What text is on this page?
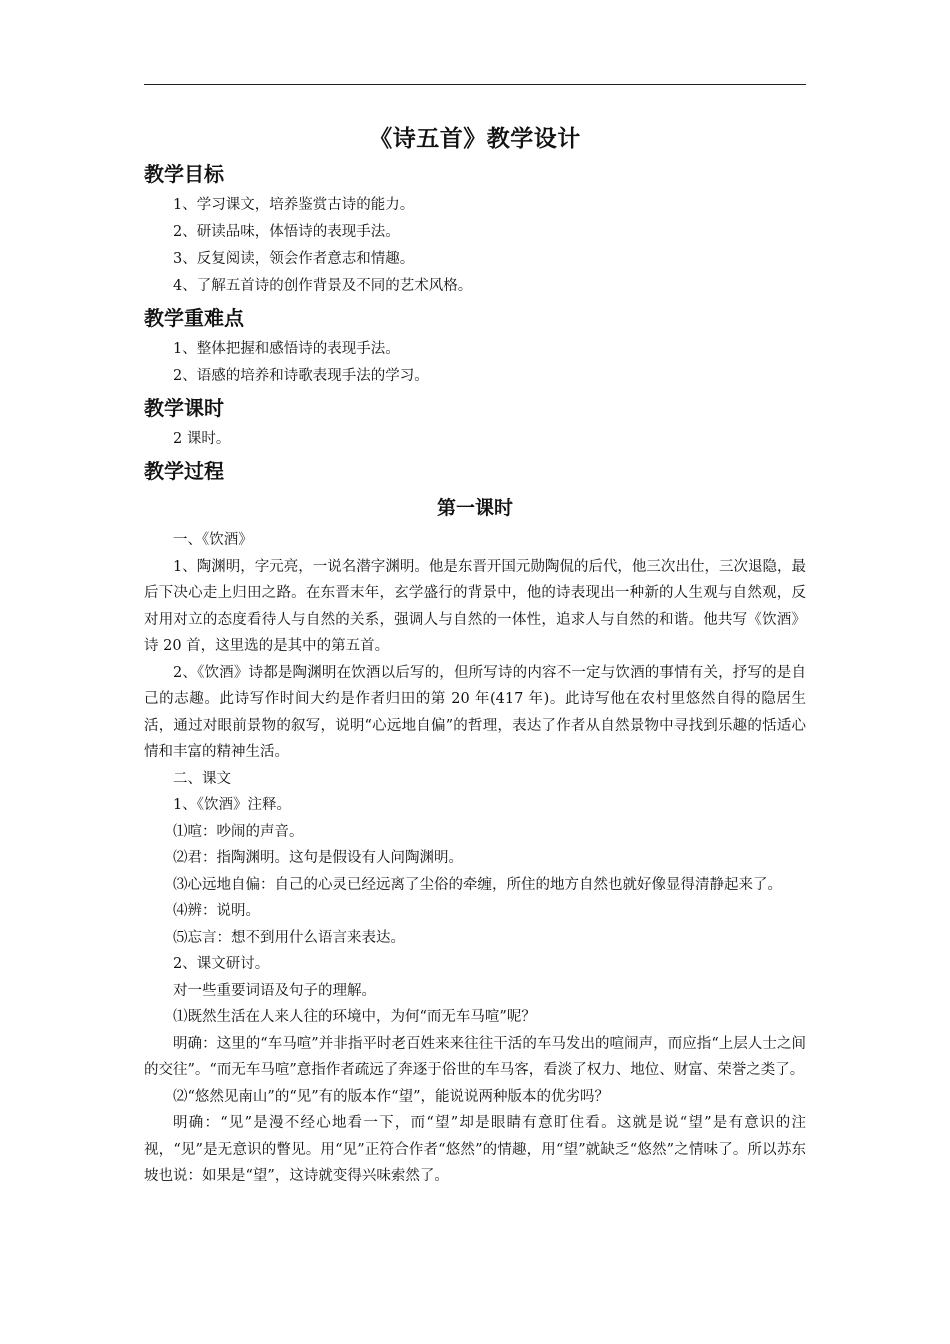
《诗五首》教学设计
教学目标

1、学习课文，培养鉴赏古诗的能力。

2、研读品味，体悟诗的表现手法。

3、反复阅读，领会作者意志和情趣。

4、了解五首诗的创作背景及不同的艺术风格。

教学重难点

1、整体把握和感悟诗的表现手法。

2、语感的培养和诗歌表现手法的学习。

教学课时

2 课时。

教学过程
第一课时

一、《饮酒》

1、陶渊明，字元亮，一说名潜字渊明。他是东晋开国元勋陶侃的后代，他三次出仕，三次退隐，最后下决心走上归田之路。在东晋末年，玄学盛行的背景中，他的诗表现出一种新的人生观与自然观，反对用对立的态度看待人与自然的关系，强调人与自然的一体性，追求人与自然的和谐。他共写《饮酒》诗 20 首，这里选的是其中的第五首。

2、《饮酒》诗都是陶渊明在饮酒以后写的，但所写诗的内容不一定与饮酒的事情有关，抒写的是自己的志趣。此诗写作时间大约是作者归田的第 20 年(417 年)。此诗写他在农村里悠然自得的隐居生活，通过对眼前景物的叙写，说明“心远地自偏”的哲理，表达了作者从自然景物中寻找到乐趣的恬适心情和丰富的精神生活。

二、课文

1、《饮酒》注释。

⑴喧：吵闹的声音。

⑵君：指陶渊明。这句是假设有人问陶渊明。

⑶心远地自偏：自己的心灵已经远离了尘俗的牵缠，所住的地方自然也就好像显得清静起来了。

⑷辨：说明。

⑸忘言：想不到用什么语言来表达。

2、课文研讨。

对一些重要词语及句子的理解。

⑴既然生活在人来人往的环境中，为何“而无车马喧”呢？

明确：这里的“车马喧”并非指平时老百姓来来往往干活的车马发出的喧闹声，而应指“上层人士之间的交往”。“而无车马喧”意指作者疏远了奔逐于俗世的车马客，看淡了权力、地位、财富、荣誉之类了。

⑵“悠然见南山”的“见”有的版本作“望”，能说说两种版本的优劣吗？

明确：“见”是漫不经心地看一下，而“望”却是眼睛有意盯住看。这就是说“望”是有意识的注视，“见”是无意识的瞥见。用“见”正符合作者“悠然”的情趣，用“望”就缺乏“悠然”之情味了。所以苏东坡也说：如果是“望”，这诗就变得兴味索然了。
